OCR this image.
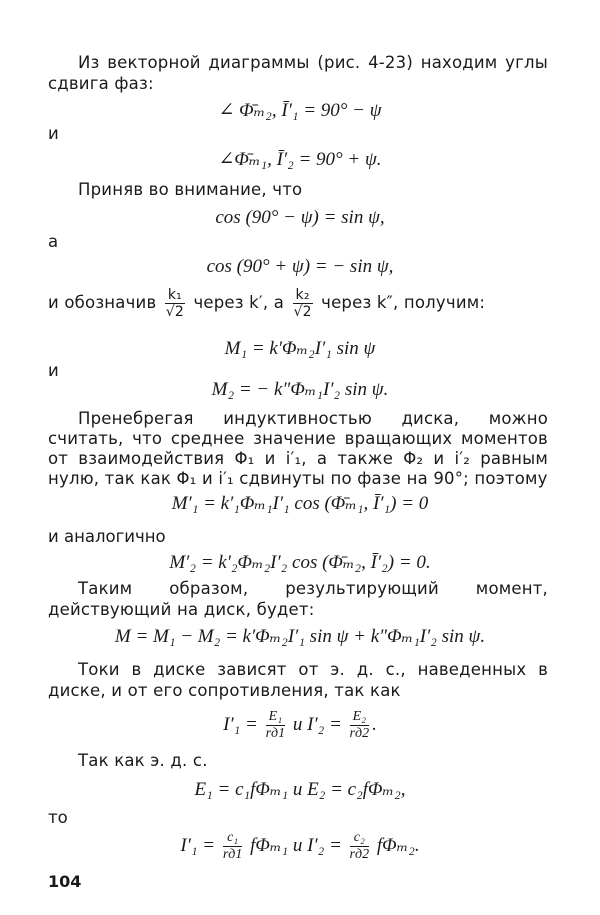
Из векторной диаграммы (рис. 4-23) находим углы сдвига фаз:
∠ Φ̄ₘ₂, Ī′₁ = 90° − ψ
и
∠Φ̄ₘ₁, Ī′₂ = 90° + ψ.
Приняв во внимание, что
cos (90° − ψ) = sin ψ,
а
cos (90° + ψ) = − sin ψ,
и обозначив $\frac{\text{k₁}}{√2}$ через k′, а $\frac{\text{k₂}}{√2}$ через k″, получим:
M₁ = k′Φₘ₂I′₁ sin ψ
и
M₂ = − k″Φₘ₁I′₂ sin ψ.
Пренебрегая индуктивностью диска, можно считать, что среднее значение вращающих моментов от взаимодействия Φ₁ и i′₁, а также Φ₂ и i′₂ равным нулю, так как Φ₁ и i′₁ сдвинуты по фазе на 90°; поэтому
M′₁ = k′₁Φₘ₁I′₁ cos (Φ̄ₘ₁, Ī′₁) = 0
и аналогично
M′₂ = k′₂Φₘ₂I′₂ cos (Φ̄ₘ₂, Ī′₂) = 0.
Таким образом, результирующий момент, действующий на диск, будет:
M = M₁ − M₂ = k′Φₘ₂I′₁ sin ψ + k″Φₘ₁I′₂ sin ψ.
Токи в диске зависят от э. д. с., наведенных в диске, и от его сопротивления, так как
$I'_1 = \frac{\text{E₁}}{rд1}$ и $I'_2 = \frac{\text{E₂}}{rд2}$ .
Так как э. д. с.
E₁ = c₁fΦₘ₁ и E₂ = c₂fΦₘ₂,
то
$I'_1 = \frac{\text{c₁}}{rд1} f\Phi_{m1}$ и $I'_2 = \frac{\text{c₂}}{rд2} f\Phi_{m2}$.
104
